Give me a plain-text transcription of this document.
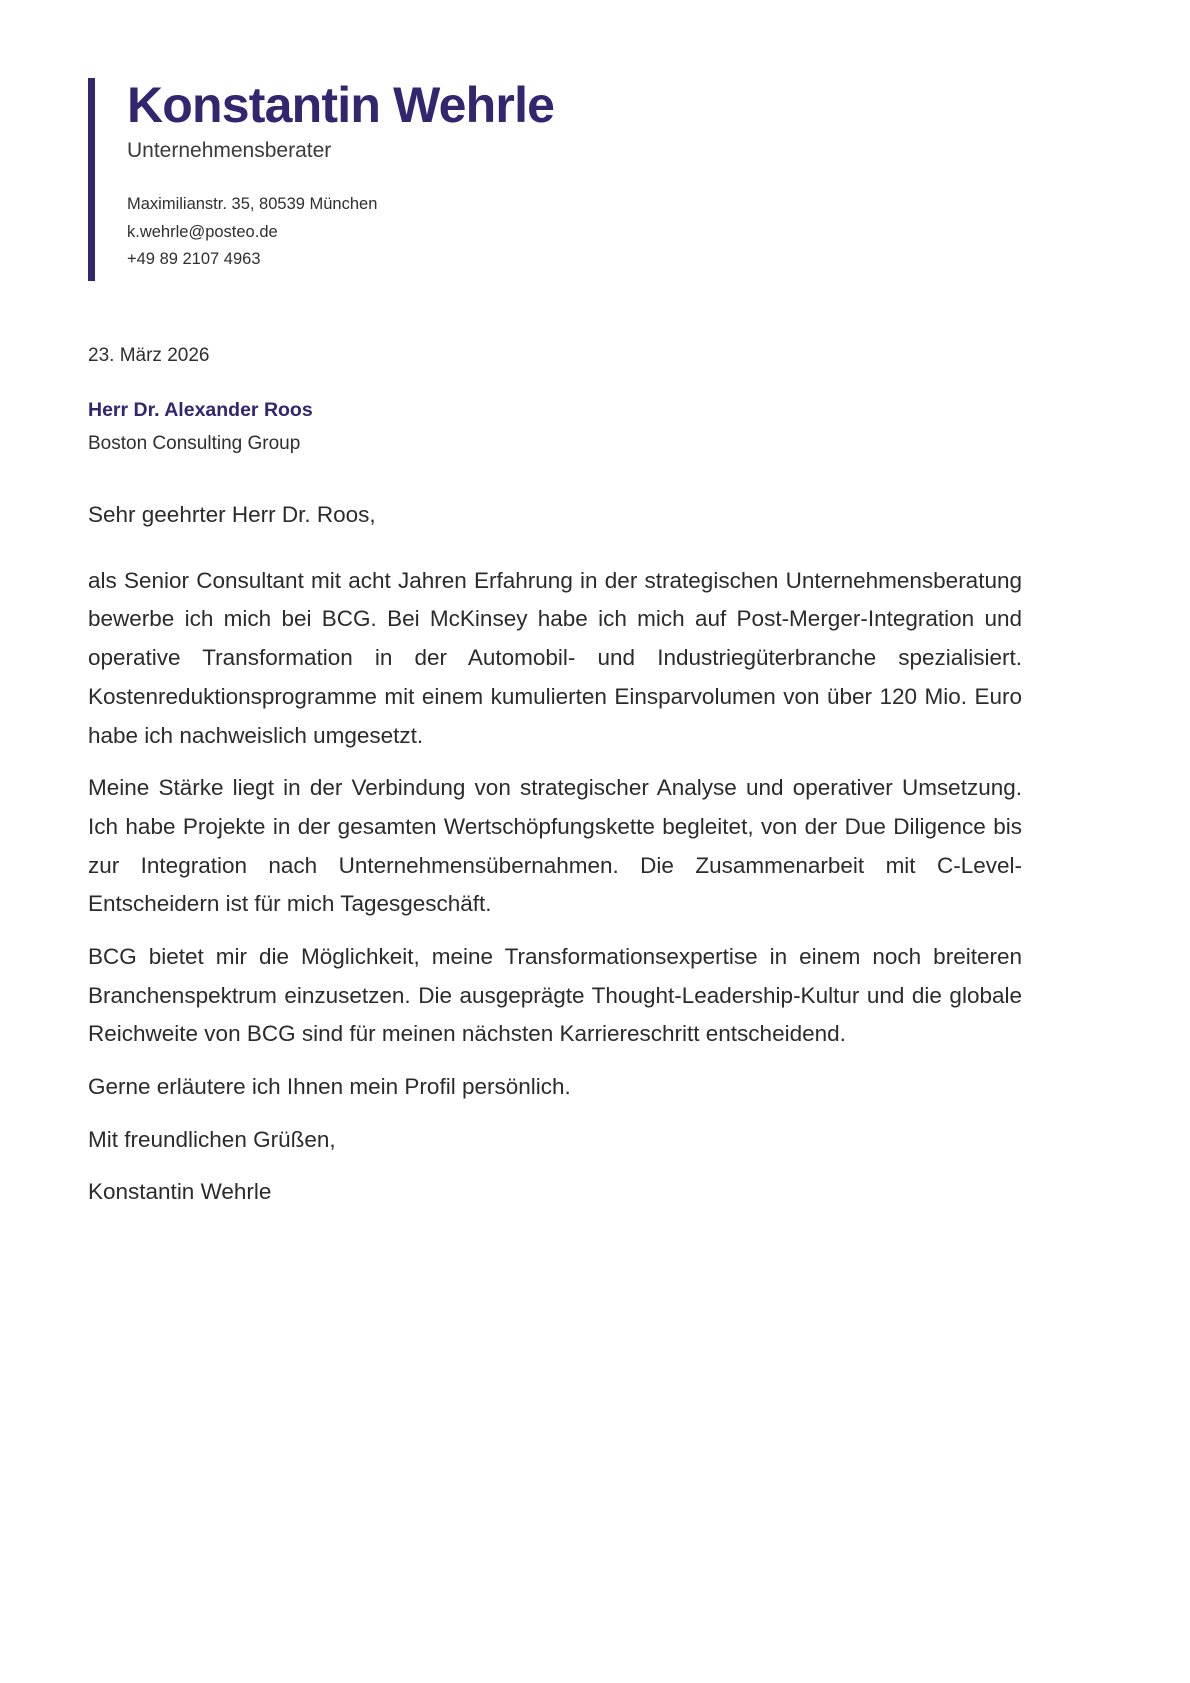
Konstantin Wehrle
Unternehmensberater
Maximilianstr. 35, 80539 München
k.wehrle@posteo.de
+49 89 2107 4963
23. März 2026
Herr Dr. Alexander Roos
Boston Consulting Group

Sehr geehrter Herr Dr. Roos,

als Senior Consultant mit acht Jahren Erfahrung in der strategischen Unternehmensberatung bewerbe ich mich bei BCG. Bei McKinsey habe ich mich auf Post-Merger-Integration und operative Transformation in der Automobil- und Industriegüterbranche spezialisiert. Kostenreduktionsprogramme mit einem kumulierten Einsparvolumen von über 120 Mio. Euro habe ich nachweislich umgesetzt.

Meine Stärke liegt in der Verbindung von strategischer Analyse und operativer Umsetzung. Ich habe Projekte in der gesamten Wertschöpfungskette begleitet, von der Due Diligence bis zur Integration nach Unternehmensübernahmen. Die Zusammenarbeit mit C-Level-Entscheidern ist für mich Tagesgeschäft.

BCG bietet mir die Möglichkeit, meine Transformationsexpertise in einem noch breiteren Branchenspektrum einzusetzen. Die ausgeprägte Thought-Leadership-Kultur und die globale Reichweite von BCG sind für meinen nächsten Karriereschritt entscheidend.

Gerne erläutere ich Ihnen mein Profil persönlich.

Mit freundlichen Grüßen,

Konstantin Wehrle
